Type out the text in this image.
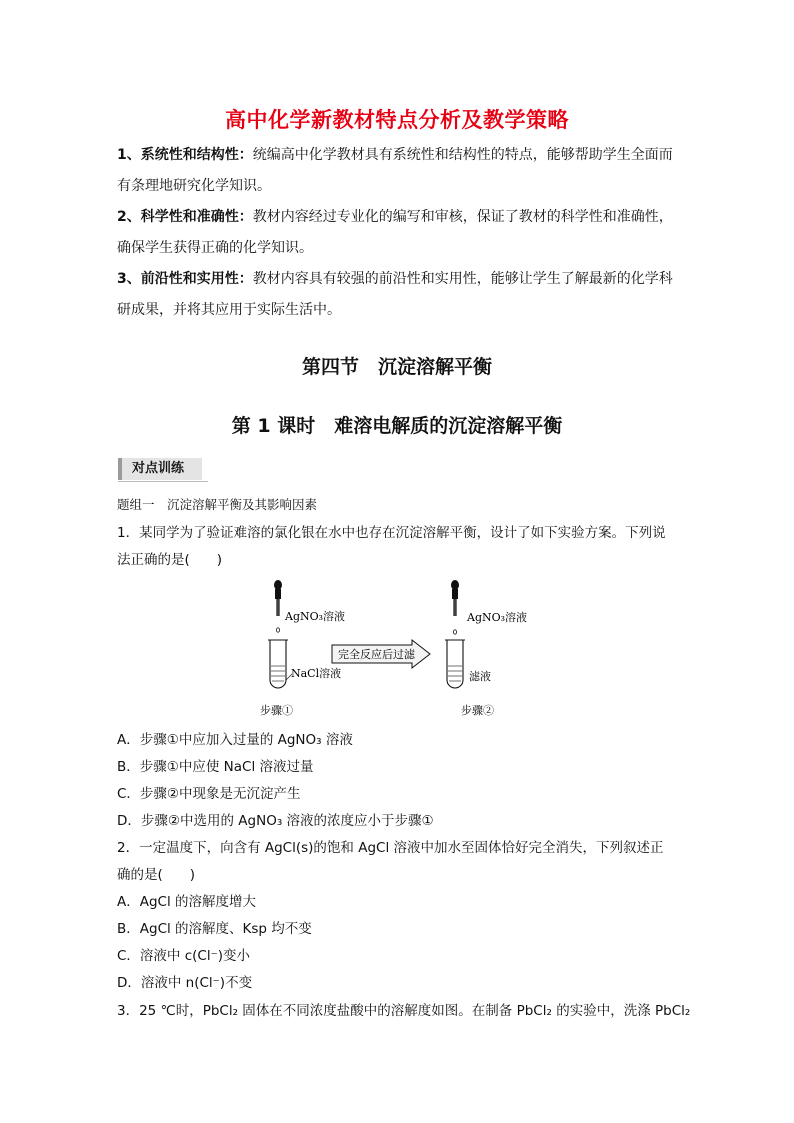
高中化学新教材特点分析及教学策略
1、系统性和结构性：统编高中化学教材具有系统性和结构性的特点，能够帮助学生全面而
有条理地研究化学知识。
2、科学性和准确性：教材内容经过专业化的编写和审核，保证了教材的科学性和准确性，
确保学生获得正确的化学知识。
3、前沿性和实用性：教材内容具有较强的前沿性和实用性，能够让学生了解最新的化学科
研成果，并将其应用于实际生活中。
第四节　沉淀溶解平衡
第 1 课时　难溶电解质的沉淀溶解平衡
对点训练
题组一　沉淀溶解平衡及其影响因素
1．某同学为了验证难溶的氯化银在水中也存在沉淀溶解平衡，设计了如下实验方案。下列说
法正确的是(　　)
AgNO₃溶液
NaCl溶液
完全反应后过滤
AgNO₃溶液
滤液
步骤①	步骤②
A．步骤①中应加入过量的 AgNO₃ 溶液
B．步骤①中应使 NaCl 溶液过量
C．步骤②中现象是无沉淀产生
D．步骤②中选用的 AgNO₃ 溶液的浓度应小于步骤①
2．一定温度下，向含有 AgCl(s)的饱和 AgCl 溶液中加水至固体恰好完全消失，下列叙述正
确的是(　　)
A．AgCl 的溶解度增大
B．AgCl 的溶解度、Ksp 均不变
C．溶液中 c(Cl⁻)变小
D．溶液中 n(Cl⁻)不变
3．25 ℃时，PbCl₂ 固体在不同浓度盐酸中的溶解度如图。在制备 PbCl₂ 的实验中，洗涤 PbCl₂
